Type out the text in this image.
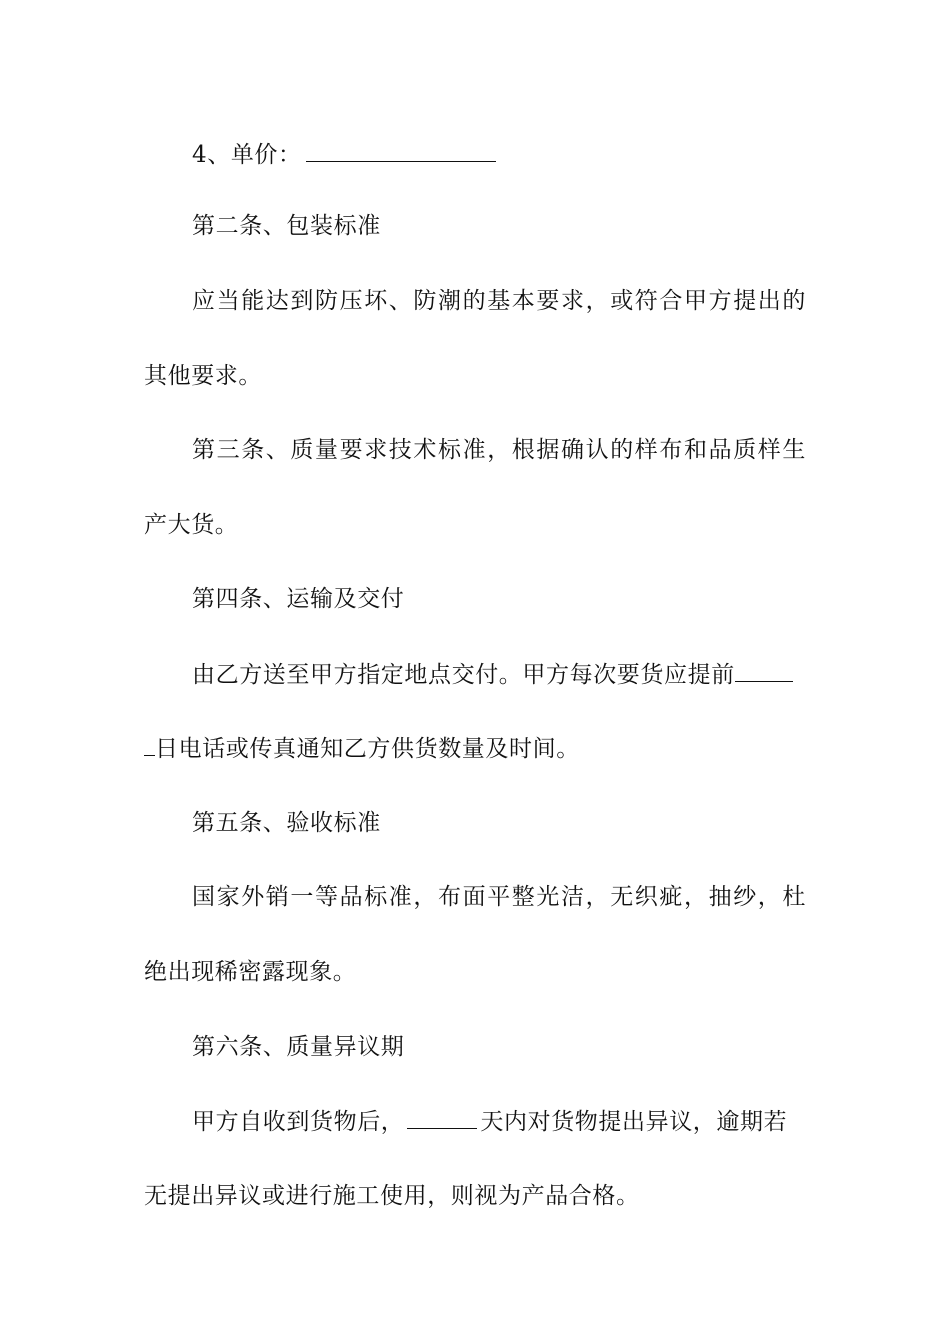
4、单价：
第二条、包装标准
应当能达到防压坏、防潮的基本要求，或符合甲方提出的
其他要求。
第三条、质量要求技术标准，根据确认的样布和品质样生
产大货。
第四条、运输及交付
由乙方送至甲方指定地点交付。甲方每次要货应提前
日电话或传真通知乙方供货数量及时间。
第五条、验收标准
国家外销一等品标准，布面平整光洁，无织疵，抽纱，杜
绝出现稀密露现象。
第六条、质量异议期
甲方自收到货物后，	天内对货物提出异议，逾期若
无提出异议或进行施工使用，则视为产品合格。
